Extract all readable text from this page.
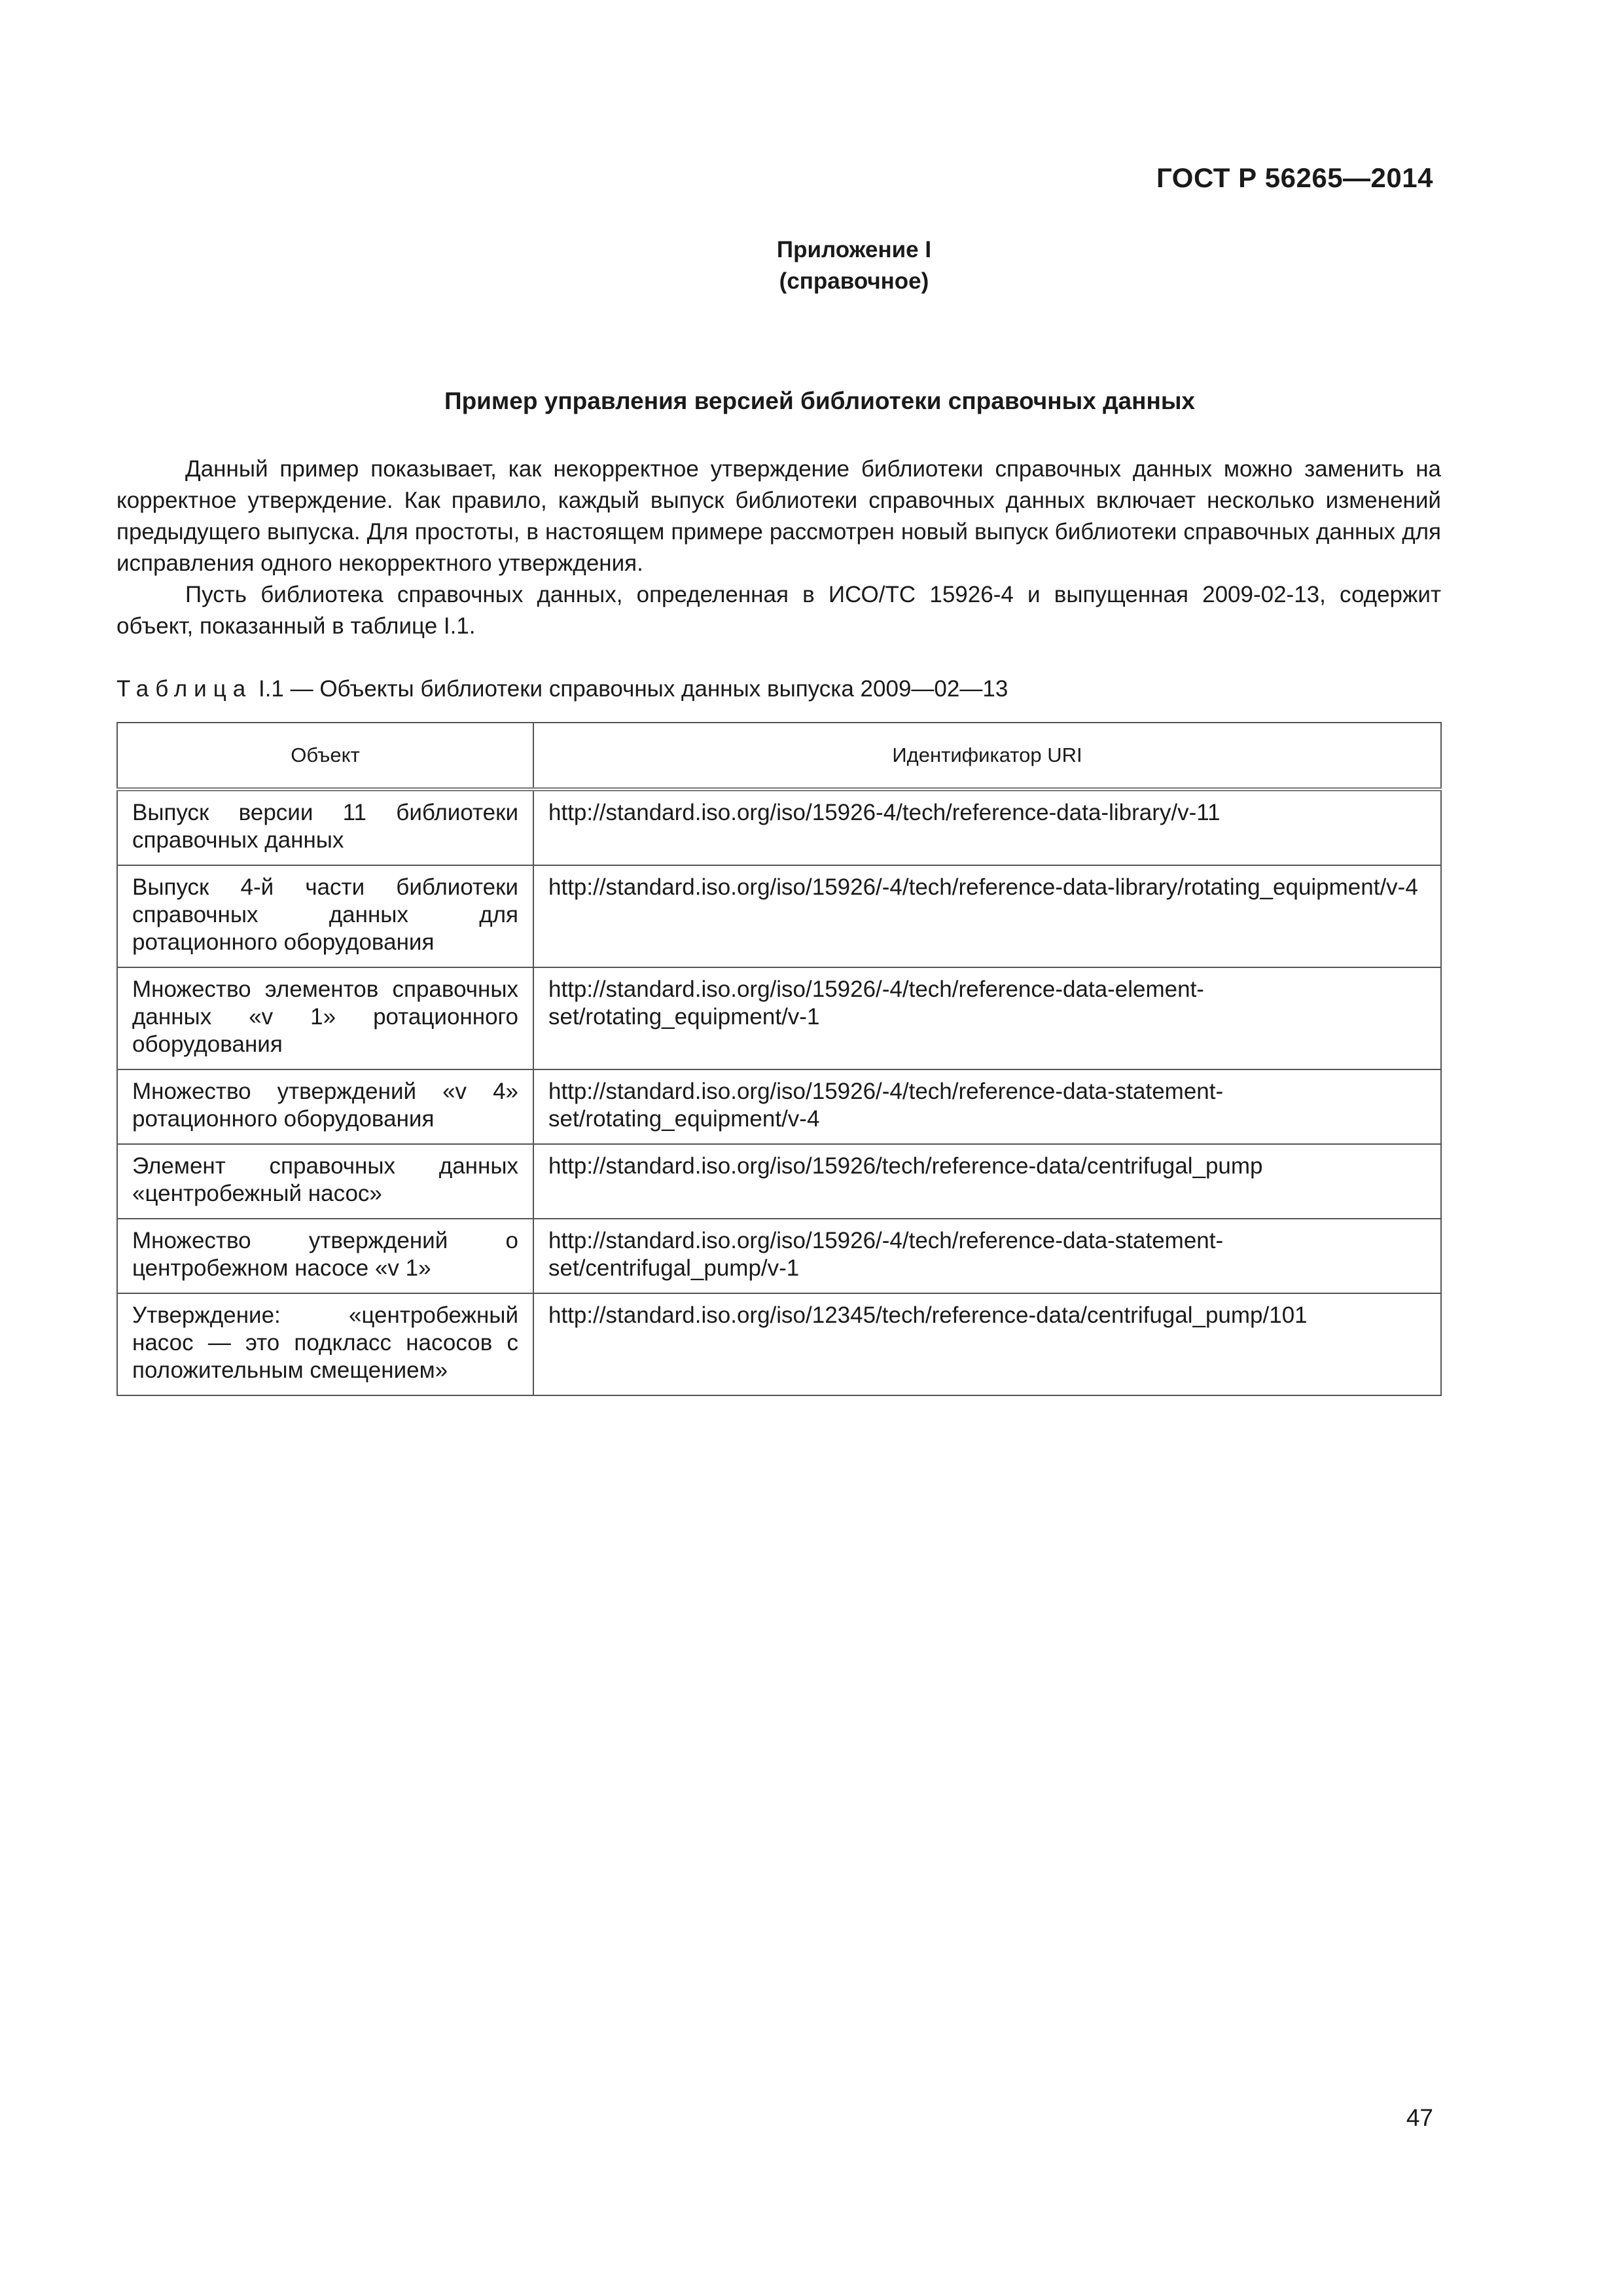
ГОСТ Р 56265—2014
Приложение I
(справочное)
Пример управления версией библиотеки справочных данных

Данный пример показывает, как некорректное утверждение библиотеки справочных данных можно заменить на корректное утверждение. Как правило, каждый выпуск библиотеки справочных данных включает несколько изменений предыдущего выпуска. Для простоты, в настоящем примере рассмотрен новый выпуск библиотеки справочных данных для исправления одного некорректного утверждения.

Пусть библиотека справочных данных, определенная в ИСО/ТС 15926-4 и выпущенная 2009-02-13, содержит объект, показанный в таблице I.1.

Таблица I.1 — Объекты библиотеки справочных данных выпуска 2009—02—13
Объект	Идентификатор URI
Выпуск версии 11 библиотеки справочных данных	http://standard.iso.org/iso/15926-4/tech/reference-data-library/v-11
Выпуск 4-й части библиотеки справочных данных для ротационного оборудования	http://standard.iso.org/iso/15926/-4/tech/reference-data-library/rotating_equipment/v-4
Множество элементов справочных данных «v 1» ротационного оборудования	http://standard.iso.org/iso/15926/-4/tech/reference-data-element-set/rotating_equipment/v-1
Множество утверждений «v 4» ротационного оборудования	http://standard.iso.org/iso/15926/-4/tech/reference-data-statement-set/rotating_equipment/v-4
Элемент справочных данных «центробежный насос»	http://standard.iso.org/iso/15926/tech/reference-data/centrifugal_pump
Множество утверждений о центробежном насосе «v 1»	http://standard.iso.org/iso/15926/-4/tech/reference-data-statement-set/centrifugal_pump/v-1
Утверждение: «центробежный насос — это подкласс насосов с положительным смещением»	http://standard.iso.org/iso/12345/tech/reference-data/centrifugal_pump/101
47
